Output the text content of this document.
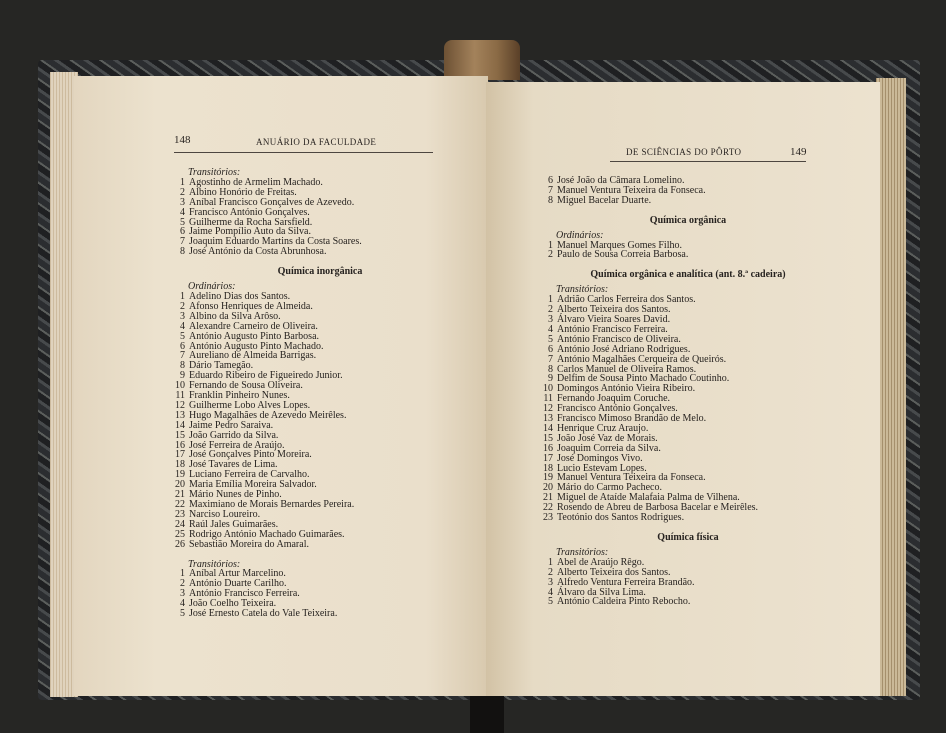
148	ANUÁRIO DA FACULDADE
Transitórios:
1 Agostinho de Armelim Machado.
2 Albino Honório de Freitas.
3 Aníbal Francisco Gonçalves de Azevedo.
4 Francisco António Gonçalves.
5 Guilherme da Rocha Sarsfield.
6 Jaime Pompílio Auto da Silva.
7 Joaquim Eduardo Martins da Costa Soares.
8 José António da Costa Abrunhosa.
Química inorgânica
Ordinários:
1 Adelino Dias dos Santos.
2 Afonso Henriques de Almeida.
3 Albino da Silva Arôso.
4 Alexandre Carneiro de Oliveira.
5 António Augusto Pinto Barbosa.
6 António Augusto Pinto Machado.
7 Aureliano de Almeida Barrigas.
8 Dário Tamegão.
9 Eduardo Ribeiro de Figueiredo Junior.
10 Fernando de Sousa Oliveira.
11 Franklin Pinheiro Nunes.
12 Guilherme Lobo Alves Lopes.
13 Hugo Magalhães de Azevedo Meirêles.
14 Jaime Pedro Saraiva.
15 João Garrido da Silva.
16 José Ferreira de Araújo.
17 José Gonçalves Pinto Moreira.
18 José Tavares de Lima.
19 Luciano Ferreira de Carvalho.
20 Maria Emília Moreira Salvador.
21 Mário Nunes de Pinho.
22 Maximiano de Morais Bernardes Pereira.
23 Narciso Loureiro.
24 Raúl Jales Guimarães.
25 Rodrigo António Machado Guimarães.
26 Sebastião Moreira do Amaral.
Transitórios:
1 Aníbal Artur Marcelino.
2 António Duarte Carilho.
3 António Francisco Ferreira.
4 João Coelho Teixeira.
5 José Ernesto Catela do Vale Teixeira.
DE SCIÊNCIAS DO PÔRTO	149
6 José João da Câmara Lomelino.
7 Manuel Ventura Teixeira da Fonseca.
8 Miguel Bacelar Duarte.
Química orgânica
Ordinários:
1 Manuel Marques Gomes Filho.
2 Paulo de Sousa Correia Barbosa.
Química orgânica e analítica (ant. 8.ª cadeira)
Transitórios:
1 Adrião Carlos Ferreira dos Santos.
2 Alberto Teixeira dos Santos.
3 Álvaro Vieira Soares David.
4 António Francisco Ferreira.
5 António Francisco de Oliveira.
6 António José Adriano Rodrigues.
7 António Magalhães Cerqueira de Queirós.
8 Carlos Manuel de Oliveira Ramos.
9 Delfim de Sousa Pinto Machado Coutinho.
10 Domingos António Vieira Ribeiro.
11 Fernando Joaquim Coruche.
12 Francisco António Gonçalves.
13 Francisco Mimoso Brandão de Melo.
14 Henrique Cruz Araujo.
15 João José Vaz de Morais.
16 Joaquim Correia da Silva.
17 José Domingos Vivo.
18 Lucio Estevam Lopes.
19 Manuel Ventura Teixeira da Fonseca.
20 Mário do Carmo Pacheco.
21 Miguel de Ataíde Malafaia Palma de Vilhena.
22 Rosendo de Abreu de Barbosa Bacelar e Meirêles.
23 Teotónio dos Santos Rodrigues.
Química física
Transitórios:
1 Abel de Araújo Rêgo.
2 Alberto Teixeira dos Santos.
3 Alfredo Ventura Ferreira Brandão.
4 Álvaro da Silva Lima.
5 António Caldeira Pinto Rebocho.
